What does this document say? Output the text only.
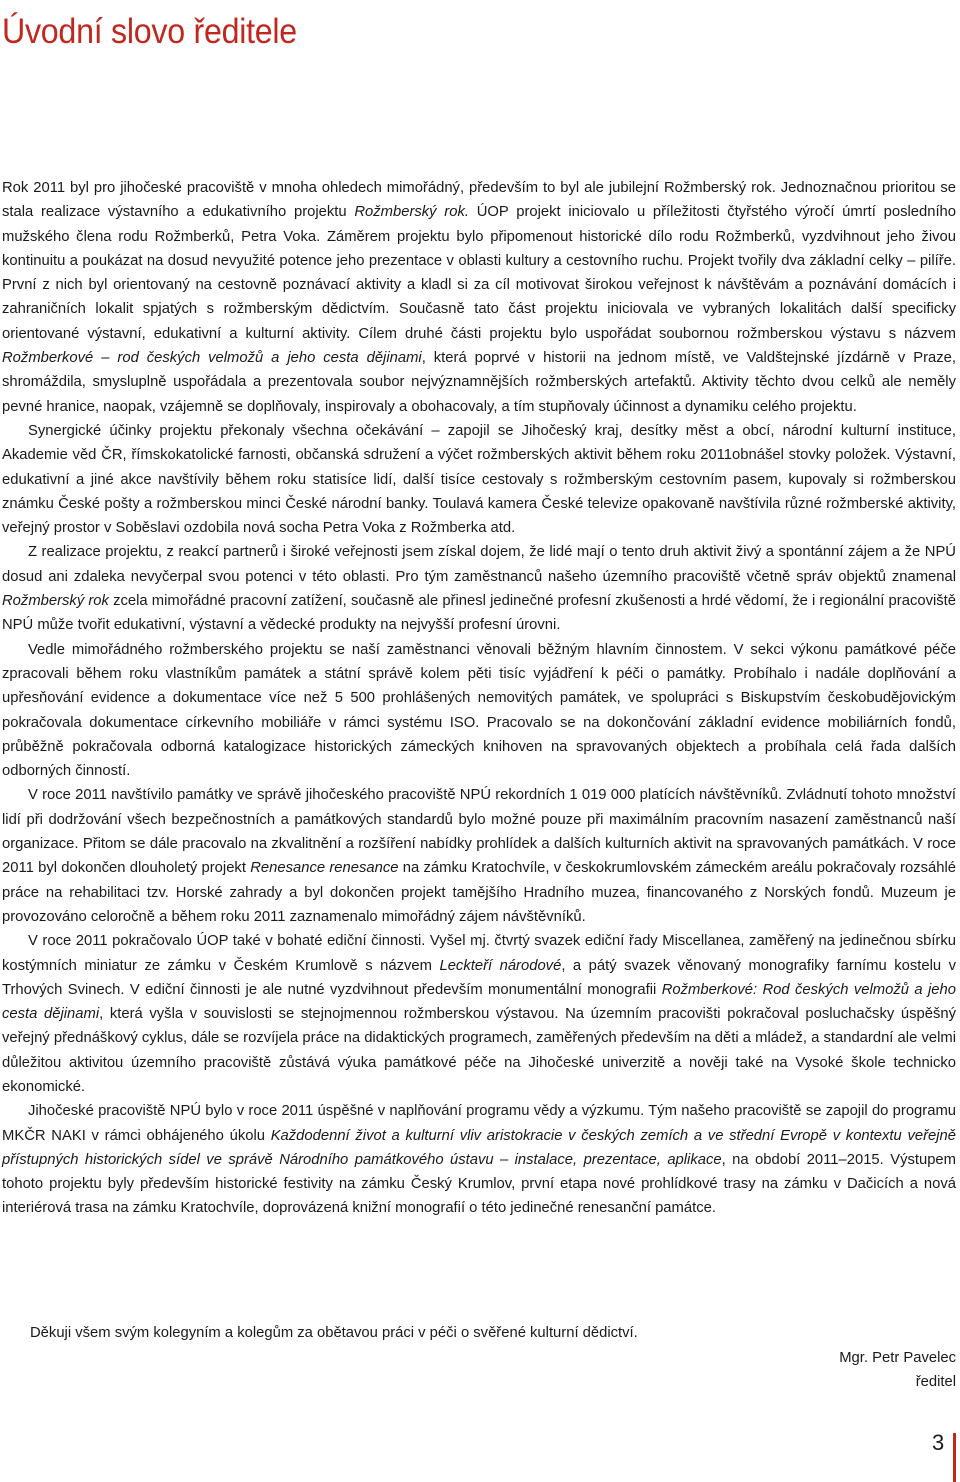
Úvodní slovo ředitele

Rok 2011 byl pro jihočeské pracoviště v mnoha ohledech mimořádný, především to byl ale jubilejní Rožmberský rok. Jednoznačnou prioritou se stala realizace výstavního a edukativního projektu Rožmberský rok. ÚOP projekt iniciovalo u příležitosti čtyřstého výročí úmrtí posledního mužského člena rodu Rožmberků, Petra Voka. Záměrem projektu bylo připomenout historické dílo rodu Rožmberků, vyzdvihnout jeho živou kontinuitu a poukázat na dosud nevyužité potence jeho prezentace v oblasti kultury a cestovního ruchu. Projekt tvořily dva základní celky – pilíře. První z nich byl orientovaný na cestovně poznávací aktivity a kladl si za cíl motivovat širokou veřejnost k návštěvám a poznávání domácích i zahraničních lokalit spjatých s rožmberským dědictvím. Současně tato část projektu iniciovala ve vybraných lokalitách další specificky orientované výstavní, edukativní a kulturní aktivity. Cílem druhé části projektu bylo uspořádat soubornou rožmberskou výstavu s názvem Rožmberkové – rod českých velmožů a jeho cesta dějinami, která poprvé v historii na jednom místě, ve Valdštejnské jízdárně v Praze, shromáždila, smysluplně uspořádala a prezentovala soubor nejvýznamnějších rožmberských artefaktů. Aktivity těchto dvou celků ale neměly pevné hranice, naopak, vzájemně se doplňovaly, inspirovaly a obohacovaly, a tím stupňovaly účinnost a dynamiku celého projektu.

Synergické účinky projektu překonaly všechna očekávání – zapojil se Jihočeský kraj, desítky měst a obcí, národní kulturní instituce, Akademie věd ČR, římskokatolické farnosti, občanská sdružení a výčet rožmberských aktivit během roku 2011obnášel stovky položek. Výstavní, edukativní a jiné akce navštívily během roku statisíce lidí, další tisíce cestovaly s rožmberským cestovním pasem, kupovaly si rožmberskou známku České pošty a rožmberskou minci České národní banky. Toulavá kamera České televize opakovaně navštívila různé rožmberské aktivity, veřejný prostor v Soběslavi ozdobila nová socha Petra Voka z Rožmberka atd.

Z realizace projektu, z reakcí partnerů i široké veřejnosti jsem získal dojem, že lidé mají o tento druh aktivit živý a spontánní zájem a že NPÚ dosud ani zdaleka nevyčerpal svou potenci v této oblasti. Pro tým zaměstnanců našeho územního pracoviště včetně správ objektů znamenal Rožmberský rok zcela mimořádné pracovní zatížení, současně ale přinesl jedinečné profesní zkušenosti a hrdé vědomí, že i regionální pracoviště NPÚ může tvořit edukativní, výstavní a vědecké produkty na nejvyšší profesní úrovni.

Vedle mimořádného rožmberského projektu se naší zaměstnanci věnovali běžným hlavním činnostem. V sekci výkonu památkové péče zpracovali během roku vlastníkům památek a státní správě kolem pěti tisíc vyjádření k péči o památky. Probíhalo i nadále doplňování a upřesňování evidence a dokumentace více než 5 500 prohlášených nemovitých památek, ve spolupráci s Biskupstvím českobudějovickým pokračovala dokumentace církevního mobiliáře v rámci systému ISO. Pracovalo se na dokončování základní evidence mobiliárních fondů, průběžně pokračovala odborná katalogizace historických zámeckých knihoven na spravovaných objektech a probíhala celá řada dalších odborných činností.

V roce 2011 navštívilo památky ve správě jihočeského pracoviště NPÚ rekordních 1 019 000 platících návštěvníků. Zvládnutí tohoto množství lidí při dodržování všech bezpečnostních a památkových standardů bylo možné pouze při maximálním pracovním nasazení zaměstnanců naší organizace. Přitom se dále pracovalo na zkvalitnění a rozšíření nabídky prohlídek a dalších kulturních aktivit na spravovaných památkách. V roce 2011 byl dokončen dlouholetý projekt Renesance renesance na zámku Kratochvíle, v českokrumlovském zámeckém areálu pokračovaly rozsáhlé práce na rehabilitaci tzv. Horské zahrady a byl dokončen projekt tamějšího Hradního muzea, financovaného z Norských fondů. Muzeum je provozováno celoročně a během roku 2011 zaznamenalo mimořádný zájem návštěvníků.

V roce 2011 pokračovalo ÚOP také v bohaté ediční činnosti. Vyšel mj. čtvrtý svazek ediční řady Miscellanea, zaměřený na jedinečnou sbírku kostýmních miniatur ze zámku v Českém Krumlově s názvem Leckteří národové, a pátý svazek věnovaný monografiky farnímu kostelu v Trhových Svinech. V ediční činnosti je ale nutné vyzdvihnout především monumentální monografii Rožmberkové: Rod českých velmožů a jeho cesta dějinami, která vyšla v souvislosti se stejnojmennou rožmberskou výstavou. Na územním pracovišti pokračoval posluchačsky úspěšný veřejný přednáškový cyklus, dále se rozvíjela práce na didaktických programech, zaměřených především na děti a mládež, a standardní ale velmi důležitou aktivitou územního pracoviště zůstává výuka památkové péče na Jihočeské univerzitě a nověji také na Vysoké škole technicko ekonomické.

Jihočeské pracoviště NPÚ bylo v roce 2011 úspěšné v naplňování programu vědy a výzkumu. Tým našeho pracoviště se zapojil do programu MKČR NAKI v rámci obhájeného úkolu Každodenní život a kulturní vliv aristokracie v českých zemích a ve střední Evropě v kontextu veřejně přístupných historických sídel ve správě Národního památkového ústavu – instalace, prezentace, aplikace, na období 2011–2015. Výstupem tohoto projektu byly především historické festivity na zámku Český Krumlov, první etapa nové prohlídkové trasy na zámku v Dačicích a nová interiérová trasa na zámku Kratochvíle, doprovázená knižní monografií o této jedinečné renesanční památce.

Děkuji všem svým kolegyním a kolegům za obětavou práci v péči o svěřené kulturní dědictví.

Mgr. Petr Pavelec
ředitel
3
